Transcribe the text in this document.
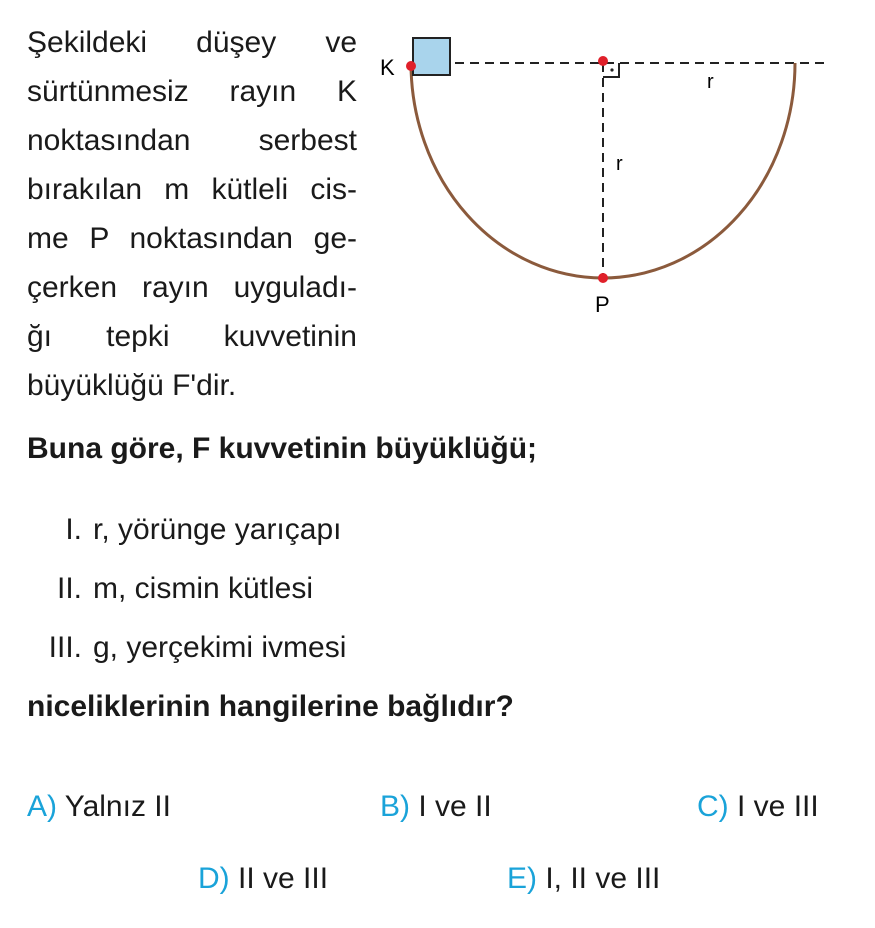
Şekildeki düşey ve
sürtünmesiz rayın K
noktasından serbest
bırakılan m kütleli cis-
me P noktasından ge-
çerken rayın uyguladı-
ğı tepki kuvvetinin
büyüklüğü F'dir.
K
r
r
P
Buna göre, F kuvvetinin büyüklüğü;
I. r, yörünge yarıçapı
II. m, cismin kütlesi
III. g, yerçekimi ivmesi
niceliklerinin hangilerine bağlıdır?
A) Yalnız II	B) I ve II	C) I ve III
D) II ve III	E) I, II ve III
